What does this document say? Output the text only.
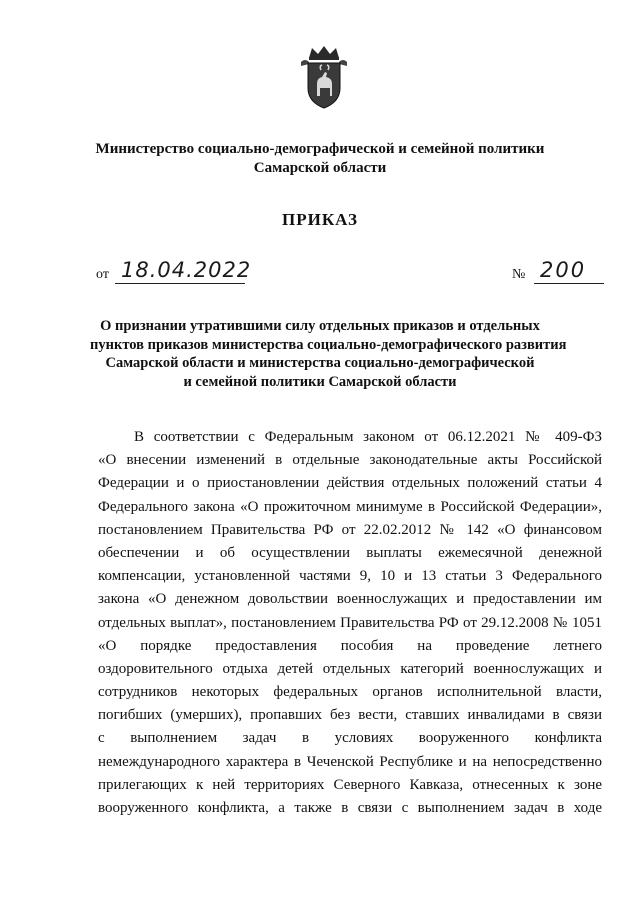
Министерство социально-демографической и семейной политики
Самарской области
ПРИКАЗ
от 18.04.2022	№ 200
О признании утратившими силу отдельных приказов и отдельных
пунктов приказов министерства социально-демографического развития
Самарской области и министерства социально-демографической
и семейной политики Самарской области
В соответствии с Федеральным законом от 06.12.2021 № 409-ФЗ
«О внесении изменений в отдельные законодательные акты Российской
Федерации и о приостановлении действия отдельных положений статьи 4
Федерального закона «О прожиточном минимуме в Российской Федерации»,
постановлением Правительства РФ от 22.02.2012 № 142 «О финансовом
обеспечении и об осуществлении выплаты ежемесячной денежной
компенсации, установленной частями 9, 10 и 13 статьи 3 Федерального
закона «О денежном довольствии военнослужащих и предоставлении им
отдельных выплат», постановлением Правительства РФ от 29.12.2008 № 1051
«О порядке предоставления пособия на проведение летнего
оздоровительного отдыха детей отдельных категорий военнослужащих и
сотрудников некоторых федеральных органов исполнительной власти,
погибших (умерших), пропавших без вести, ставших инвалидами в связи
с выполнением задач в условиях вооруженного конфликта
немеждународного характера в Чеченской Республике и на непосредственно
прилегающих к ней территориях Северного Кавказа, отнесенных к зоне
вооруженного конфликта, а также в связи с выполнением задач в ходе
